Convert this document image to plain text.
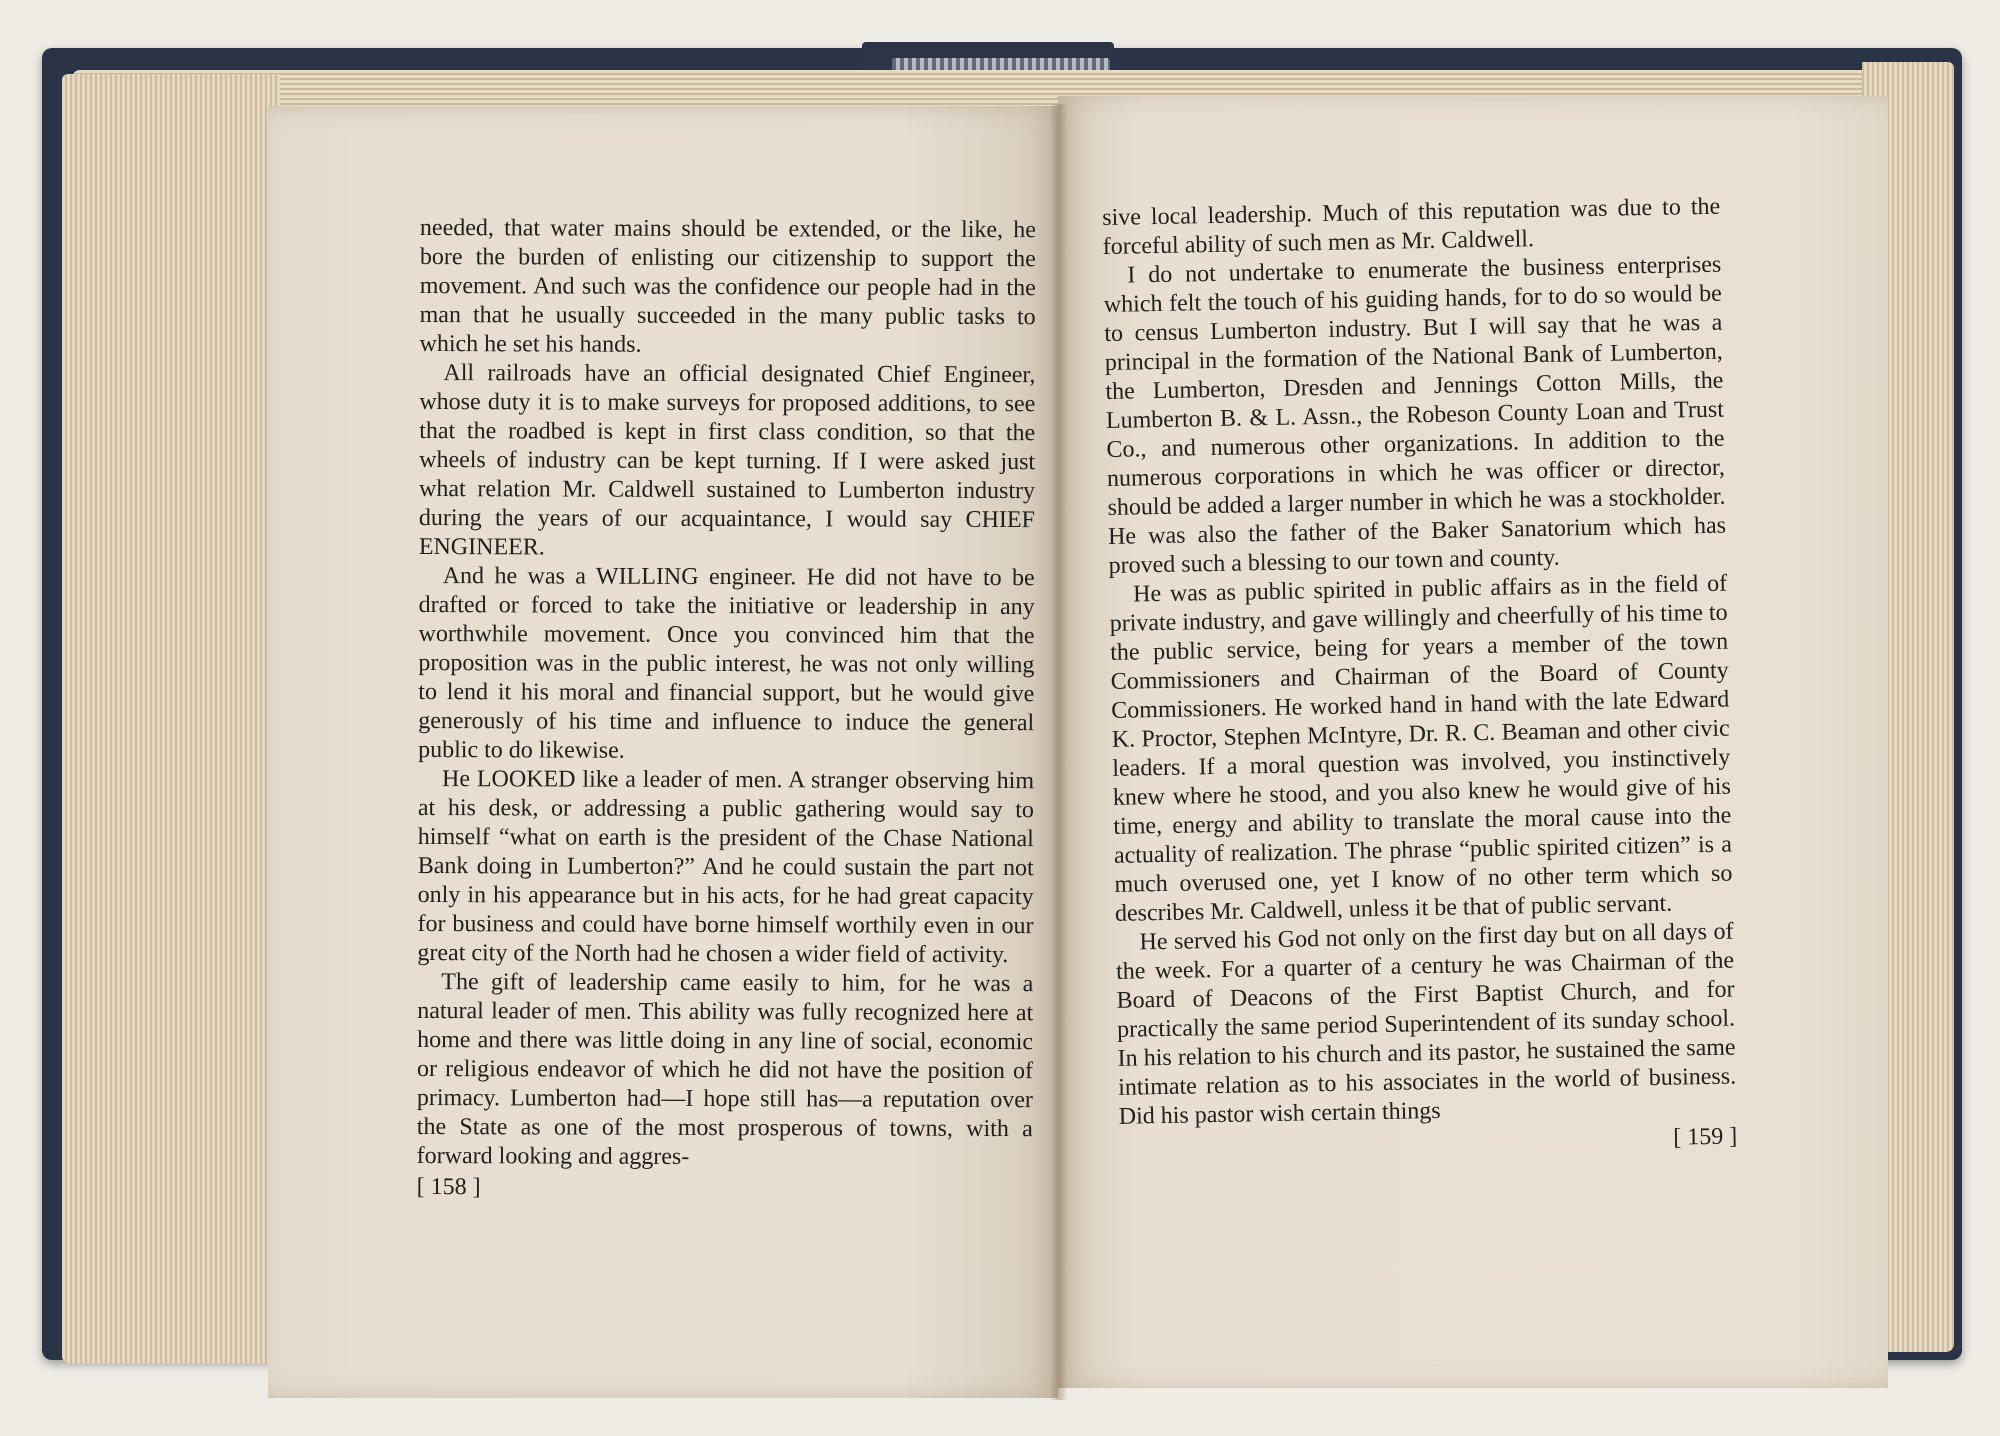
needed, that water mains should be extended, or the like, he bore the burden of enlisting our citizenship to support the movement. And such was the confidence our people had in the man that he usually succeeded in the many public tasks to which he set his hands.

All railroads have an official designated Chief Engineer, whose duty it is to make surveys for proposed additions, to see that the roadbed is kept in first class condition, so that the wheels of industry can be kept turning. If I were asked just what relation Mr. Caldwell sustained to Lumberton industry during the years of our acquaintance, I would say CHIEF ENGINEER.

And he was a WILLING engineer. He did not have to be drafted or forced to take the initiative or leadership in any worthwhile movement. Once you convinced him that the proposition was in the public interest, he was not only willing to lend it his moral and financial support, but he would give generously of his time and influence to induce the general public to do likewise.

He LOOKED like a leader of men. A stranger observing him at his desk, or addressing a public gathering would say to himself “what on earth is the president of the Chase National Bank doing in Lumberton?” And he could sustain the part not only in his appearance but in his acts, for he had great capacity for business and could have borne himself worthily even in our great city of the North had he chosen a wider field of activity.

The gift of leadership came easily to him, for he was a natural leader of men. This ability was fully recognized here at home and there was little doing in any line of social, economic or religious endeavor of which he did not have the position of primacy. Lumberton had—I hope still has—a reputation over the State as one of the most prosperous of towns, with a forward looking and aggres-

[ 158 ]

sive local leadership. Much of this reputation was due to the forceful ability of such men as Mr. Caldwell.

I do not undertake to enumerate the business enterprises which felt the touch of his guiding hands, for to do so would be to census Lumberton industry. But I will say that he was a principal in the formation of the National Bank of Lumberton, the Lumberton, Dresden and Jennings Cotton Mills, the Lumberton B. & L. Assn., the Robeson County Loan and Trust Co., and numerous other organizations. In addition to the numerous corporations in which he was officer or director, should be added a larger number in which he was a stockholder. He was also the father of the Baker Sanatorium which has proved such a blessing to our town and county.

He was as public spirited in public affairs as in the field of private industry, and gave willingly and cheerfully of his time to the public service, being for years a member of the town Commissioners and Chairman of the Board of County Commissioners. He worked hand in hand with the late Edward K. Proctor, Stephen McIntyre, Dr. R. C. Beaman and other civic leaders. If a moral question was involved, you instinctively knew where he stood, and you also knew he would give of his time, energy and ability to translate the moral cause into the actuality of realization. The phrase “public spirited citizen” is a much overused one, yet I know of no other term which so describes Mr. Caldwell, unless it be that of public servant.

He served his God not only on the first day but on all days of the week. For a quarter of a century he was Chairman of the Board of Deacons of the First Baptist Church, and for practically the same period Superintendent of its sunday school. In his relation to his church and its pastor, he sustained the same intimate relation as to his associates in the world of business. Did his pastor wish certain things

[ 159 ]
